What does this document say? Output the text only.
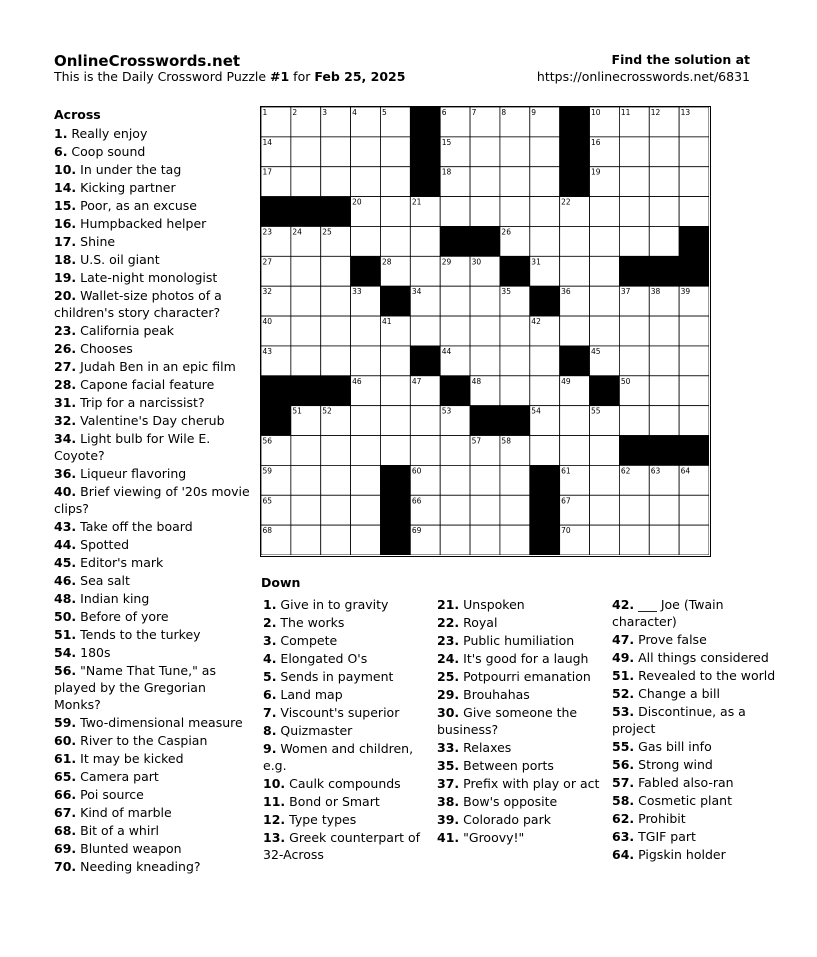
OnlineCrosswords.net
This is the Daily Crossword Puzzle #1 for Feb 25, 2025
Find the solution at
https://onlinecrosswords.net/6831
Across
1. Really enjoy
6. Coop sound
10. In under the tag
14. Kicking partner
15. Poor, as an excuse
16. Humpbacked helper
17. Shine
18. U.S. oil giant
19. Late-night monologist
20. Wallet-size photos of a children's story character?
23. California peak
26. Chooses
27. Judah Ben in an epic film
28. Capone facial feature
31. Trip for a narcissist?
32. Valentine's Day cherub
34. Light bulb for Wile E. Coyote?
36. Liqueur flavoring
40. Brief viewing of '20s movie clips?
43. Take off the board
44. Spotted
45. Editor's mark
46. Sea salt
48. Indian king
50. Before of yore
51. Tends to the turkey
54. 180s
56. "Name That Tune," as played by the Gregorian Monks?
59. Two-dimensional measure
60. River to the Caspian
61. It may be kicked
65. Camera part
66. Poi source
67. Kind of marble
68. Bit of a whirl
69. Blunted weapon
70. Needing kneading?
1	2	3	4	5	6	7	8	9	10	11	12	13
14	15	16
17	18	19
20	21	22
23	24	25	26
27	28	29	30	31
32	33	34	35	36	37	38	39
40	41	42
43	44	45
46	47	48	49	50
51	52	53	54	55
56	57	58
59	60	61	62	63	64
65	66	67
68	69	70
Down
1. Give in to gravity
2. The works
3. Compete
4. Elongated O's
5. Sends in payment
6. Land map
7. Viscount's superior
8. Quizmaster
9. Women and children, e.g.
10. Caulk compounds
11. Bond or Smart
12. Type types
13. Greek counterpart of 32-Across
21. Unspoken
22. Royal
23. Public humiliation
24. It's good for a laugh
25. Potpourri emanation
29. Brouhahas
30. Give someone the business?
33. Relaxes
35. Between ports
37. Prefix with play or act
38. Bow's opposite
39. Colorado park
41. "Groovy!"
42. ___ Joe (Twain character)
47. Prove false
49. All things considered
51. Revealed to the world
52. Change a bill
53. Discontinue, as a project
55. Gas bill info
56. Strong wind
57. Fabled also-ran
58. Cosmetic plant
62. Prohibit
63. TGIF part
64. Pigskin holder
